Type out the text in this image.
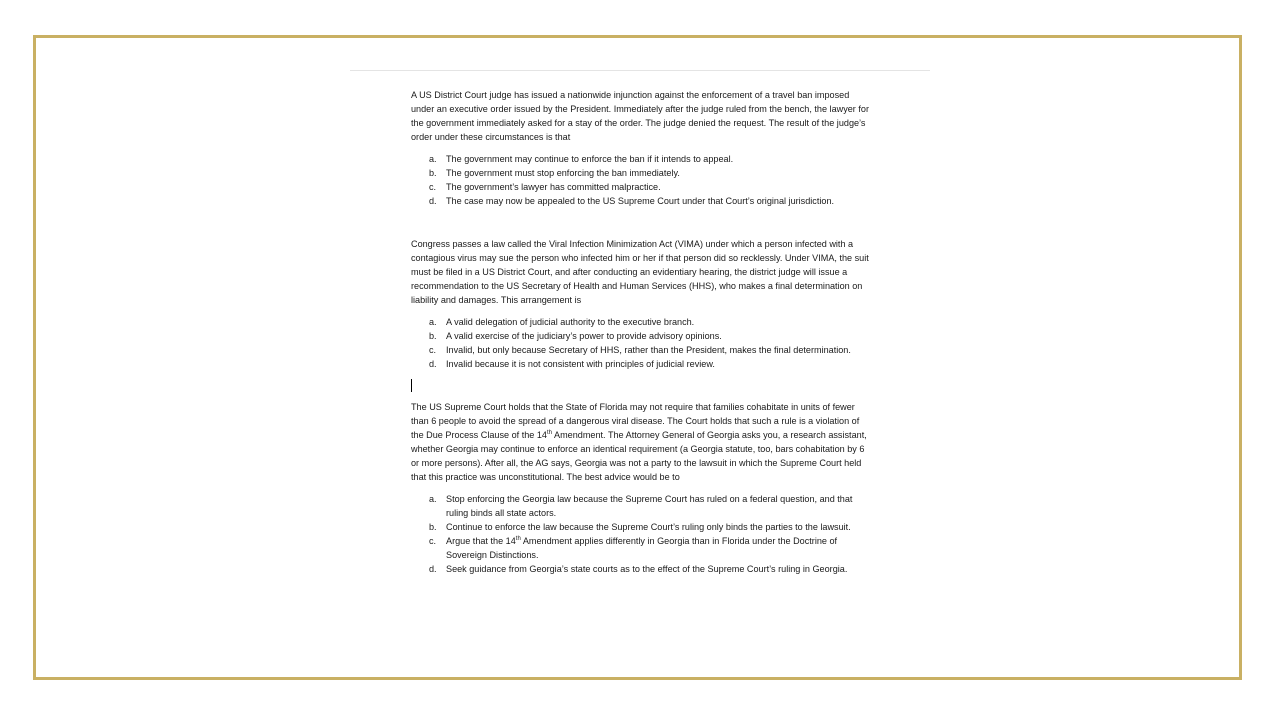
A US District Court judge has issued a nationwide injunction against the enforcement of a travel ban imposed under an executive order issued by the President. Immediately after the judge ruled from the bench, the lawyer for the government immediately asked for a stay of the order. The judge denied the request. The result of the judge’s order under these circumstances is that

a. The government may continue to enforce the ban if it intends to appeal.
b. The government must stop enforcing the ban immediately.
c. The government’s lawyer has committed malpractice.
d. The case may now be appealed to the US Supreme Court under that Court’s original jurisdiction.

Congress passes a law called the Viral Infection Minimization Act (VIMA) under which a person infected with a contagious virus may sue the person who infected him or her if that person did so recklessly. Under VIMA, the suit must be filed in a US District Court, and after conducting an evidentiary hearing, the district judge will issue a recommendation to the US Secretary of Health and Human Services (HHS), who makes a final determination on liability and damages. This arrangement is

a. A valid delegation of judicial authority to the executive branch.
b. A valid exercise of the judiciary’s power to provide advisory opinions.
c. Invalid, but only because Secretary of HHS, rather than the President, makes the final determination.
d. Invalid because it is not consistent with principles of judicial review.

The US Supreme Court holds that the State of Florida may not require that families cohabitate in units of fewer than 6 people to avoid the spread of a dangerous viral disease. The Court holds that such a rule is a violation of the Due Process Clause of the 14th Amendment. The Attorney General of Georgia asks you, a research assistant, whether Georgia may continue to enforce an identical requirement (a Georgia statute, too, bars cohabitation by 6 or more persons). After all, the AG says, Georgia was not a party to the lawsuit in which the Supreme Court held that this practice was unconstitutional. The best advice would be to

a. Stop enforcing the Georgia law because the Supreme Court has ruled on a federal question, and that ruling binds all state actors.
b. Continue to enforce the law because the Supreme Court’s ruling only binds the parties to the lawsuit.
c. Argue that the 14th Amendment applies differently in Georgia than in Florida under the Doctrine of Sovereign Distinctions.
d. Seek guidance from Georgia’s state courts as to the effect of the Supreme Court’s ruling in Georgia.
